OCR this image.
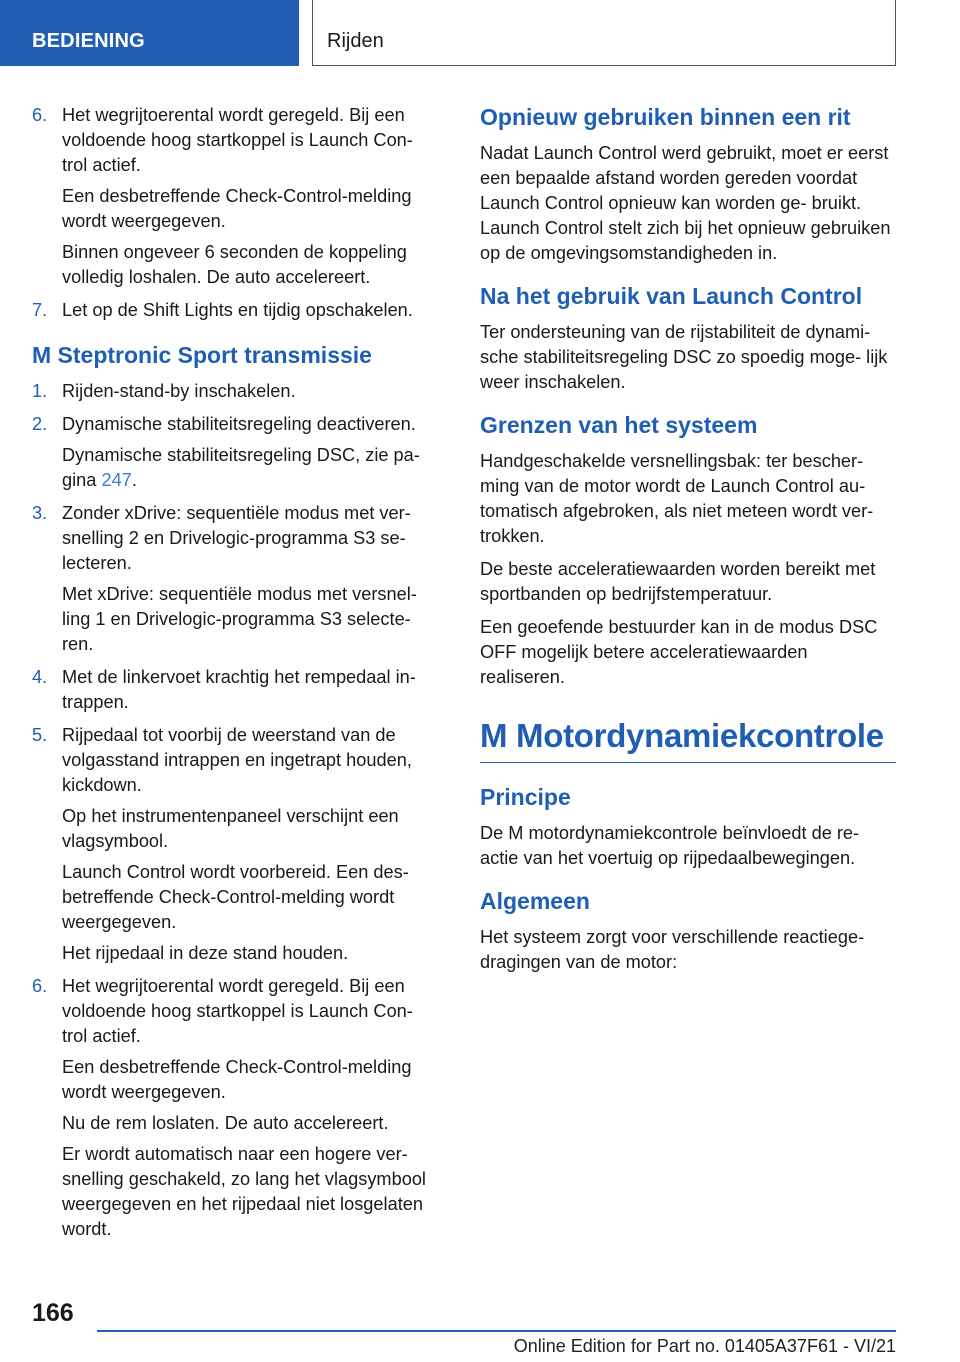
BEDIENING	Rijden
6. Het wegrijtoerental wordt geregeld. Bij een voldoende hoog startkoppel is Launch Con‐ trol actief.

Een desbetreffende Check-Control-melding wordt weergegeven.

Binnen ongeveer 6 seconden de koppeling volledig loshalen. De auto accelereert.

7. Let op de Shift Lights en tijdig opschakelen.

M Steptronic Sport transmissie
1. Rijden-stand-by inschakelen.

2. Dynamische stabiliteitsregeling deactiveren.

Dynamische stabiliteitsregeling DSC, zie pa‐ gina 247.

3. Zonder xDrive: sequentiële modus met ver‐ snelling 2 en Drivelogic-programma S3 se‐ lecteren.

Met xDrive: sequentiële modus met versnel‐ ling 1 en Drivelogic-programma S3 selecte‐ ren.

4. Met de linkervoet krachtig het rempedaal in‐ trappen.

5. Rijpedaal tot voorbij de weerstand van de volgasstand intrappen en ingetrapt houden, kickdown.

Op het instrumentenpaneel verschijnt een vlagsymbool.

Launch Control wordt voorbereid. Een des‐ betreffende Check-Control-melding wordt weergegeven.

Het rijpedaal in deze stand houden.

6. Het wegrijtoerental wordt geregeld. Bij een voldoende hoog startkoppel is Launch Con‐ trol actief.

Een desbetreffende Check-Control-melding wordt weergegeven.

Nu de rem loslaten. De auto accelereert.

Er wordt automatisch naar een hogere ver‐ snelling geschakeld, zo lang het vlagsymbool weergegeven en het rijpedaal niet losgelaten wordt.

Opnieuw gebruiken binnen een rit

Nadat Launch Control werd gebruikt, moet er eerst een bepaalde afstand worden gereden voordat Launch Control opnieuw kan worden ge‐ bruikt. Launch Control stelt zich bij het opnieuw gebruiken op de omgevingsomstandigheden in.

Na het gebruik van Launch Control

Ter ondersteuning van de rijstabiliteit de dynami‐ sche stabiliteitsregeling DSC zo spoedig moge‐ lijk weer inschakelen.

Grenzen van het systeem

Handgeschakelde versnellingsbak: ter bescher‐ ming van de motor wordt de Launch Control au‐ tomatisch afgebroken, als niet meteen wordt ver‐ trokken.

De beste acceleratiewaarden worden bereikt met sportbanden op bedrijfstemperatuur.

Een geoefende bestuurder kan in de modus DSC OFF mogelijk betere acceleratiewaarden realiseren.

M Motordynamiekcontrole
Principe

De M motordynamiekcontrole beïnvloedt de re‐ actie van het voertuig op rijpedaalbewegingen.

Algemeen

Het systeem zorgt voor verschillende reactiege‐ dragingen van de motor:

166
Online Edition for Part no. 01405A37F61 - VI/21
